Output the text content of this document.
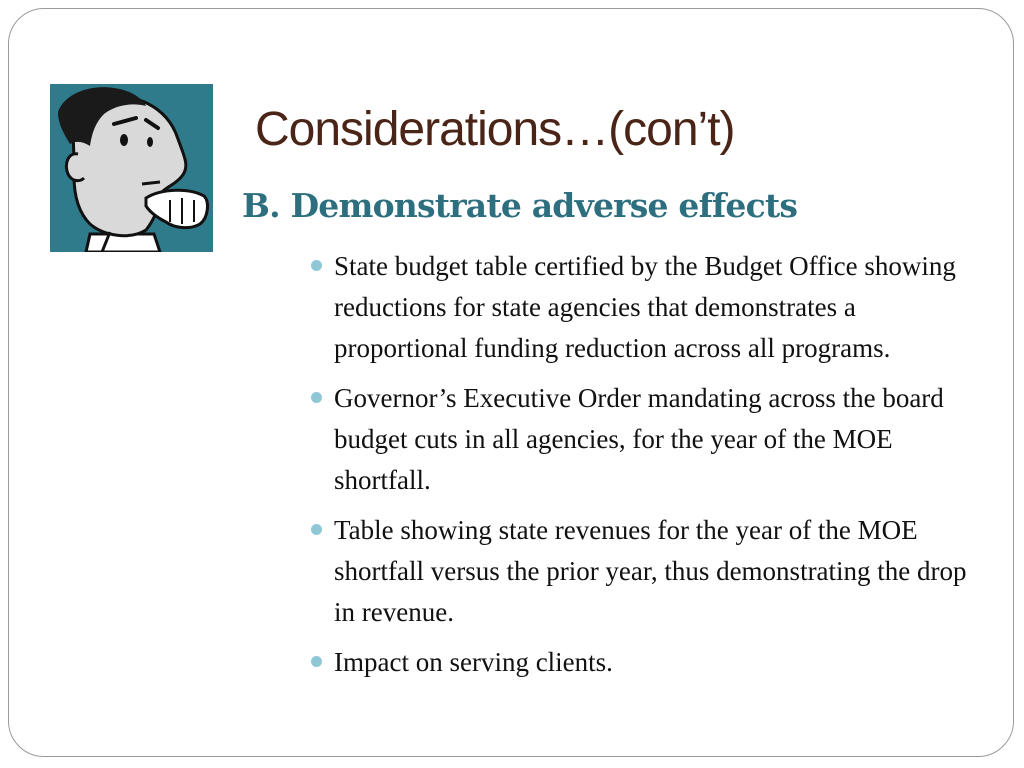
Considerations…(con’t)
B. Demonstrate adverse effects
State budget table certified by the Budget Office showing reductions for state agencies that demonstrates a proportional funding reduction across all programs.
Governor’s Executive Order mandating across the board budget cuts in all agencies, for the year of the MOE shortfall.
Table showing state revenues for the year of the MOE shortfall versus the prior year, thus demonstrating the drop in revenue.
Impact on serving clients.
